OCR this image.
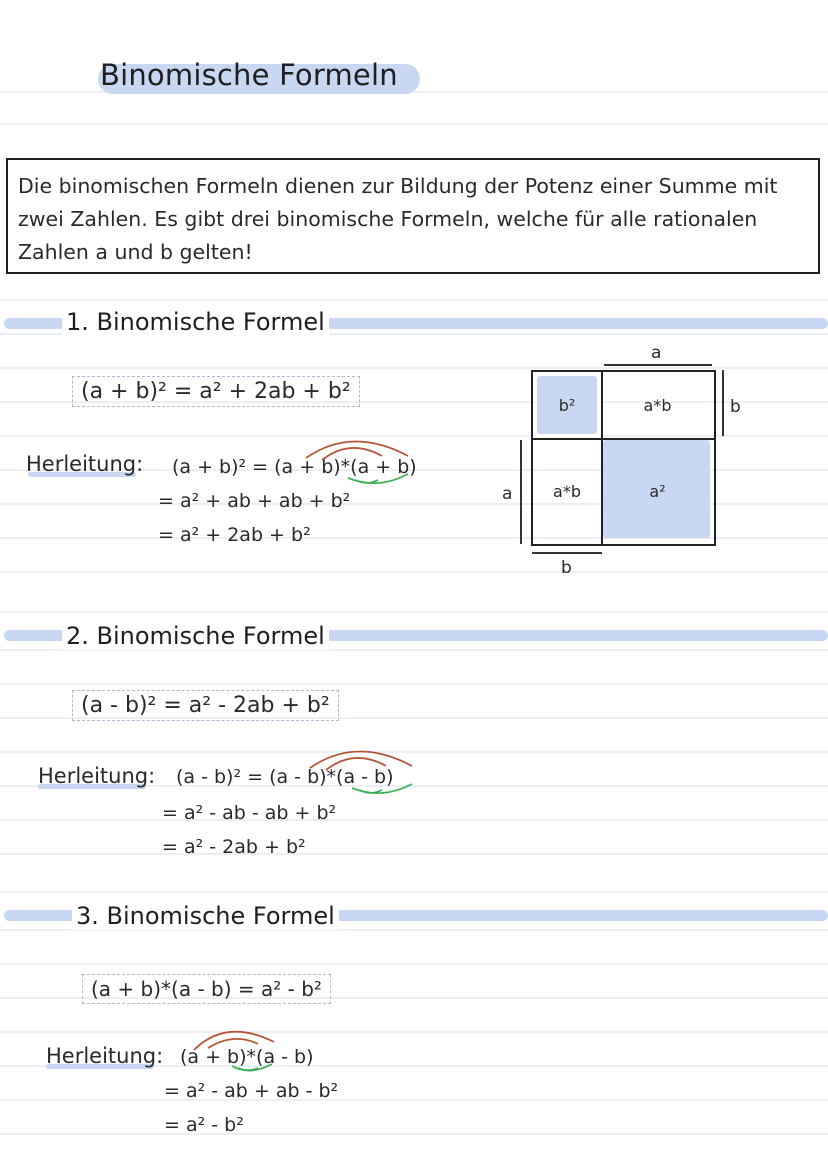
Binomische Formeln
Die binomischen Formeln dienen zur Bildung der Potenz einer Summe mit zwei Zahlen. Es gibt drei binomische Formeln, welche für alle rationalen Zahlen a und b gelten!
1. Binomische Formel
(a + b)² = a² + 2ab + b²
Herleitung: (a + b)² = (a + b)*(a + b)
= a² + ab + ab + b²
= a² + 2ab + b²
a
b
a
b
b²	a*b
a*b	a²
2. Binomische Formel
(a - b)² = a² - 2ab + b²
Herleitung: (a - b)² = (a - b)*(a - b)
= a² - ab - ab + b²
= a² - 2ab + b²
3. Binomische Formel
(a + b)*(a - b) = a² - b²
Herleitung: (a + b)*(a - b)
= a² - ab + ab - b²
= a² - b²
